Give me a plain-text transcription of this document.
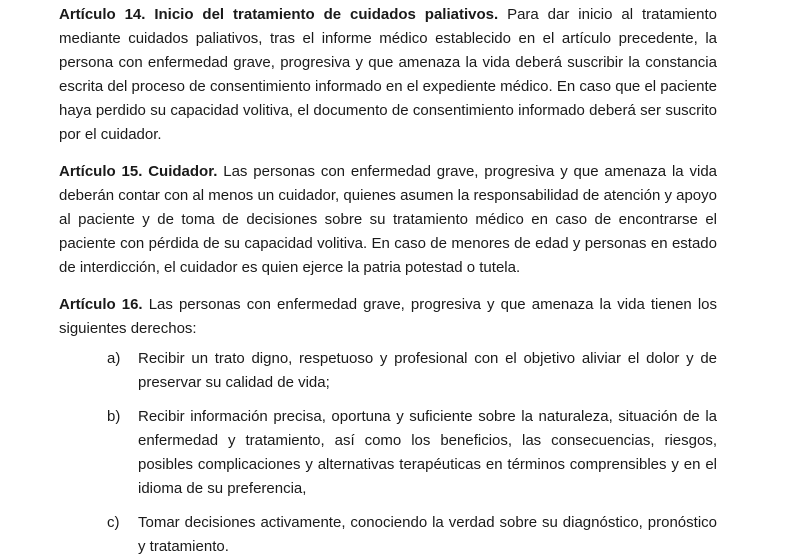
Artículo 14. Inicio del tratamiento de cuidados paliativos. Para dar inicio al tratamiento mediante cuidados paliativos, tras el informe médico establecido en el artículo precedente, la persona con enfermedad grave, progresiva y que amenaza la vida deberá suscribir la constancia escrita del proceso de consentimiento informado en el expediente médico. En caso que el paciente haya perdido su capacidad volitiva, el documento de consentimiento informado deberá ser suscrito por el cuidador.

Artículo 15. Cuidador. Las personas con enfermedad grave, progresiva y que amenaza la vida deberán contar con al menos un cuidador, quienes asumen la responsabilidad de atención y apoyo al paciente y de toma de decisiones sobre su tratamiento médico en caso de encontrarse el paciente con pérdida de su capacidad volitiva. En caso de menores de edad y personas en estado de interdicción, el cuidador es quien ejerce la patria potestad o tutela.

Artículo 16. Las personas con enfermedad grave, progresiva y que amenaza la vida tienen los siguientes derechos:

a)	Recibir un trato digno, respetuoso y profesional con el objetivo aliviar el dolor y de preservar su calidad de vida;
b)	Recibir información precisa, oportuna y suficiente sobre la naturaleza, situación de la enfermedad y tratamiento, así como los beneficios, las consecuencias, riesgos, posibles complicaciones y alternativas terapéuticas en términos comprensibles y en el idioma de su preferencia,
c)	Tomar decisiones activamente, conociendo la verdad sobre su diagnóstico, pronóstico y tratamiento.
